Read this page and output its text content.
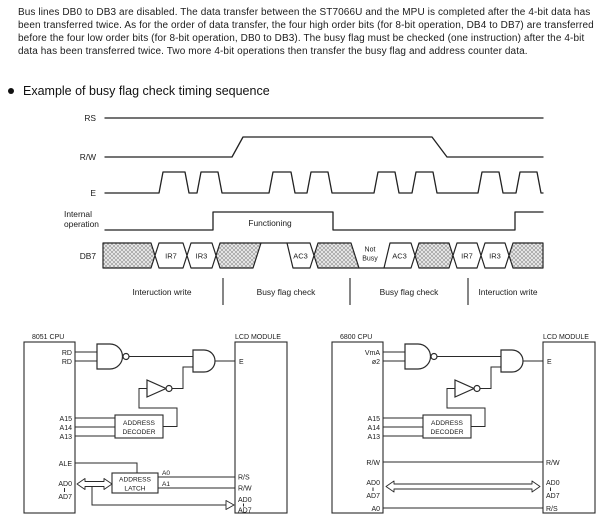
Bus lines DB0 to DB3 are disabled. The data transfer between the ST7066U and the MPU is completed after the 4-bit data has been transferred twice. As for the order of data transfer, the four high order bits (for 8-bit operation, DB4 to DB7) are transferred before the four low order bits (for 8-bit operation, DB0 to DB3). The busy flag must be checked (one instruction) after the 4-bit data has been transferred twice. Two more 4-bit operations then transfer the busy flag and address counter data.
Example of busy flag check timing sequence
RS
R/W
E
Internal
operation
DB7
Functioning
IR7	IR3	AC3
Not
Busy AC3	IR7 IR3
Interuction write	Busy flag check	Busy flag check	Interuction write
8051 CPU	LCD MODULE
RD
RD	E
ADDRESS
DECODER
A15
A14
A13
ALE
ADDRESS
LATCH
AD0
AD7
A0
A1
R/S
R/W
AD0
AD7
6800 CPU	LCD MODULE
VmA
ø2	E
ADDRESS
DECODER
A15
A14
A13
R/W	R/W
AD0
AD7
AD0
AD7
A0	R/S
